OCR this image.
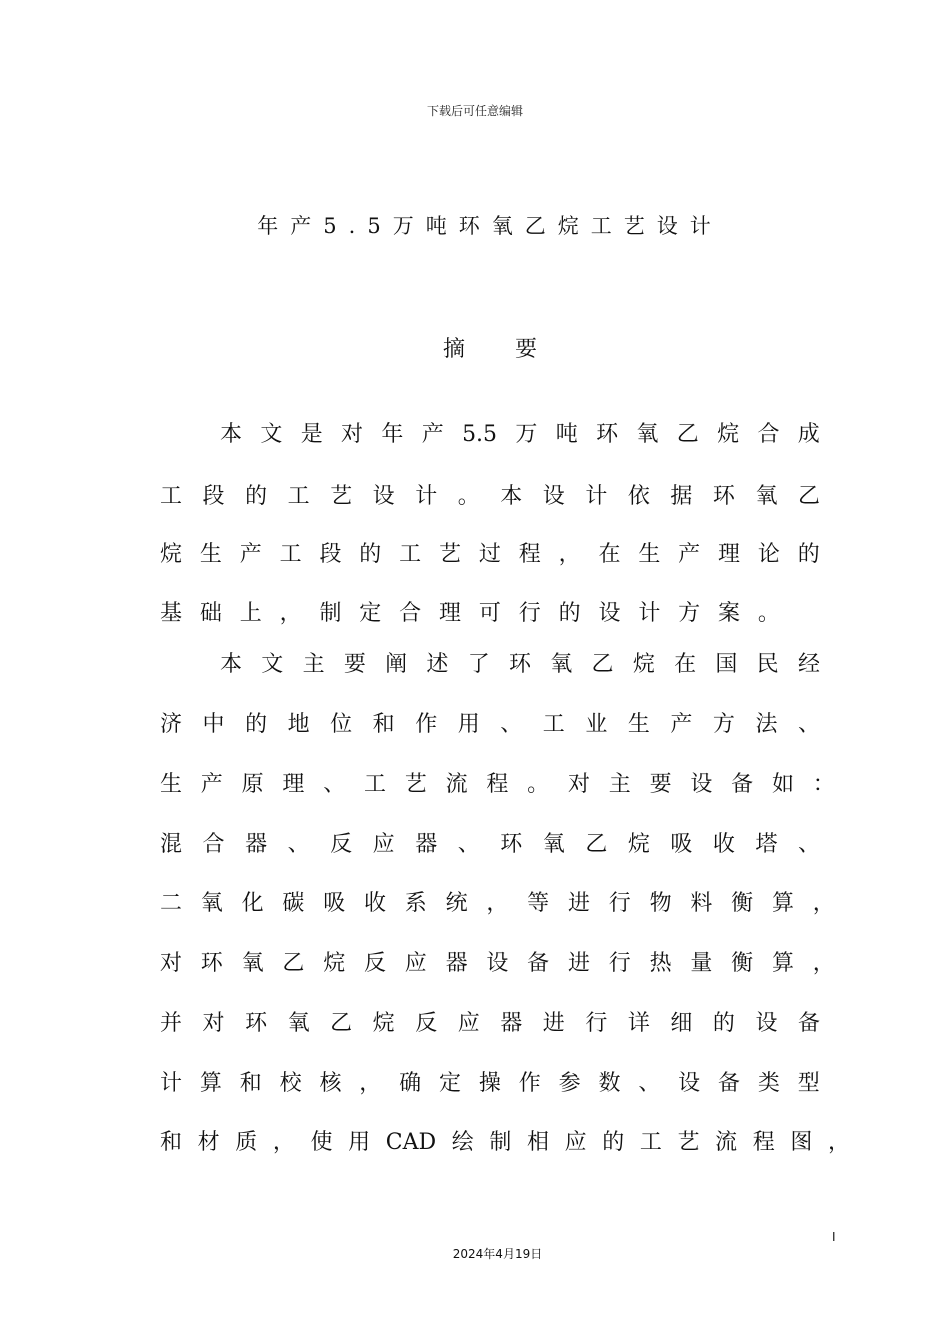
下载后可任意编辑
年产5.5万吨环氧乙烷工艺设计
摘要
本 文 是 对 年 产 5.5 万 吨 环 氧 乙 烷 合 成
工 段 的 工 艺 设 计 。 本 设 计 依 据 环 氧 乙
烷 生 产 工 段 的 工 艺 过 程 ， 在 生 产 理 论 的
基 础 上 ， 制 定 合 理 可 行 的 设 计 方 案 。
本 文 主 要 阐 述 了 环 氧 乙 烷 在 国 民 经
济 中 的 地 位 和 作 用 、 工 业 生 产 方 法 、
生 产 原 理 、 工 艺 流 程 。 对 主 要 设 备 如 ：
混 合 器 、 反 应 器 、 环 氧 乙 烷 吸 收 塔 、
二 氧 化 碳 吸 收 系 统 ， 等 进 行 物 料 衡 算 ，
对 环 氧 乙 烷 反 应 器 设 备 进 行 热 量 衡 算 ，
并 对 环 氧 乙 烷 反 应 器 进 行 详 细 的 设 备
计 算 和 校 核 ， 确 定 操 作 参 数 、 设 备 类 型
和 材 质 ， 使 用 CAD 绘 制 相 应 的 工 艺 流 程 图 ，
I
2024年4月19日
